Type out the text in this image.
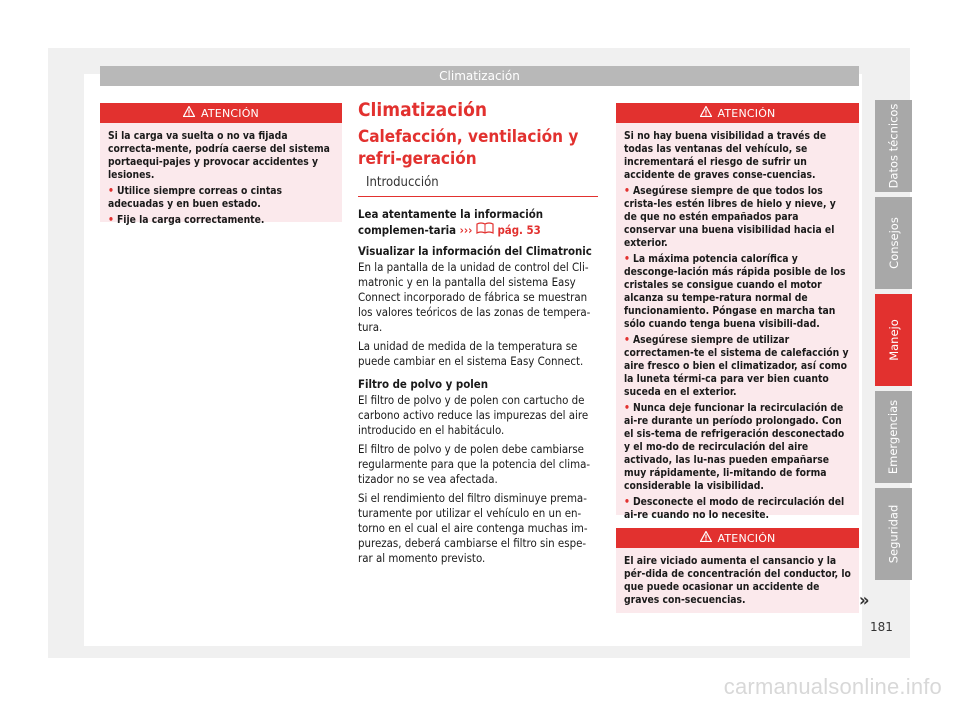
Climatización
ATENCIÓN

Si la carga va suelta o no va fijada correcta-mente, podría caerse del sistema portaequi-pajes y provocar accidentes y lesiones.

• Utilice siempre correas o cintas adecuadas y en buen estado.

• Fije la carga correctamente.

Climatización
Calefacción, ventilación y refri-geración
Introducción

Lea atentamente la información complemen-taria ››› pág. 53

Visualizar la información del Climatronic

En la pantalla de la unidad de control del Cli-matronic y en la pantalla del sistema Easy Connect incorporado de fábrica se muestran los valores teóricos de las zonas de tempera-tura.

La unidad de medida de la temperatura se puede cambiar en el sistema Easy Connect.

Filtro de polvo y polen

El filtro de polvo y de polen con cartucho de carbono activo reduce las impurezas del aire introducido en el habitáculo.

El filtro de polvo y de polen debe cambiarse regularmente para que la potencia del clima-tizador no se vea afectada.

Si el rendimiento del filtro disminuye prema-turamente por utilizar el vehículo en un en-torno en el cual el aire contenga muchas im-purezas, deberá cambiarse el filtro sin espe-rar al momento previsto.

ATENCIÓN

Si no hay buena visibilidad a través de todas las ventanas del vehículo, se incrementará el riesgo de sufrir un accidente de graves conse-cuencias.

• Asegúrese siempre de que todos los crista-les estén libres de hielo y nieve, y de que no estén empañados para conservar una buena visibilidad hacia el exterior.

• La máxima potencia calorífica y desconge-lación más rápida posible de los cristales se consigue cuando el motor alcanza su tempe-ratura normal de funcionamiento. Póngase en marcha tan sólo cuando tenga buena visibili-dad.

• Asegúrese siempre de utilizar correctamen-te el sistema de calefacción y aire fresco o bien el climatizador, así como la luneta térmi-ca para ver bien cuanto suceda en el exterior.

• Nunca deje funcionar la recirculación de ai-re durante un período prolongado. Con el sis-tema de refrigeración desconectado y el mo-do de recirculación del aire activado, las lu-nas pueden empañarse muy rápidamente, li-mitando de forma considerable la visibilidad.

• Desconecte el modo de recirculación del ai-re cuando no lo necesite.

ATENCIÓN

El aire viciado aumenta el cansancio y la pér-dida de concentración del conductor, lo que puede ocasionar un accidente de graves con-secuencias.	»
181
Datos técnicos
Consejos
Manejo
Emergencias
Seguridad
carmanualsonline.info
